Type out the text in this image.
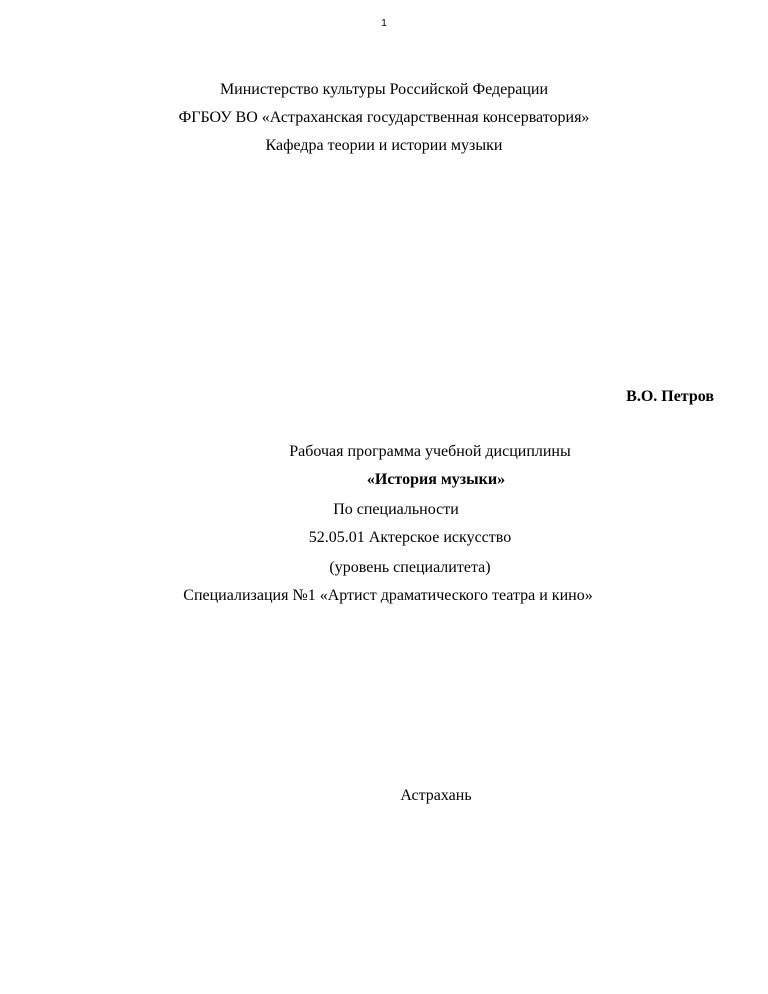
1
Министерство культуры Российской Федерации
ФГБОУ ВО «Астраханская государственная консерватория»
Кафедра теории и истории музыки
В.О. Петров
Рабочая программа учебной дисциплины
«История музыки»
По специальности
52.05.01 Актерское искусство
(уровень специалитета)
Специализация №1 «Артист драматического театра и кино»
Астрахань
